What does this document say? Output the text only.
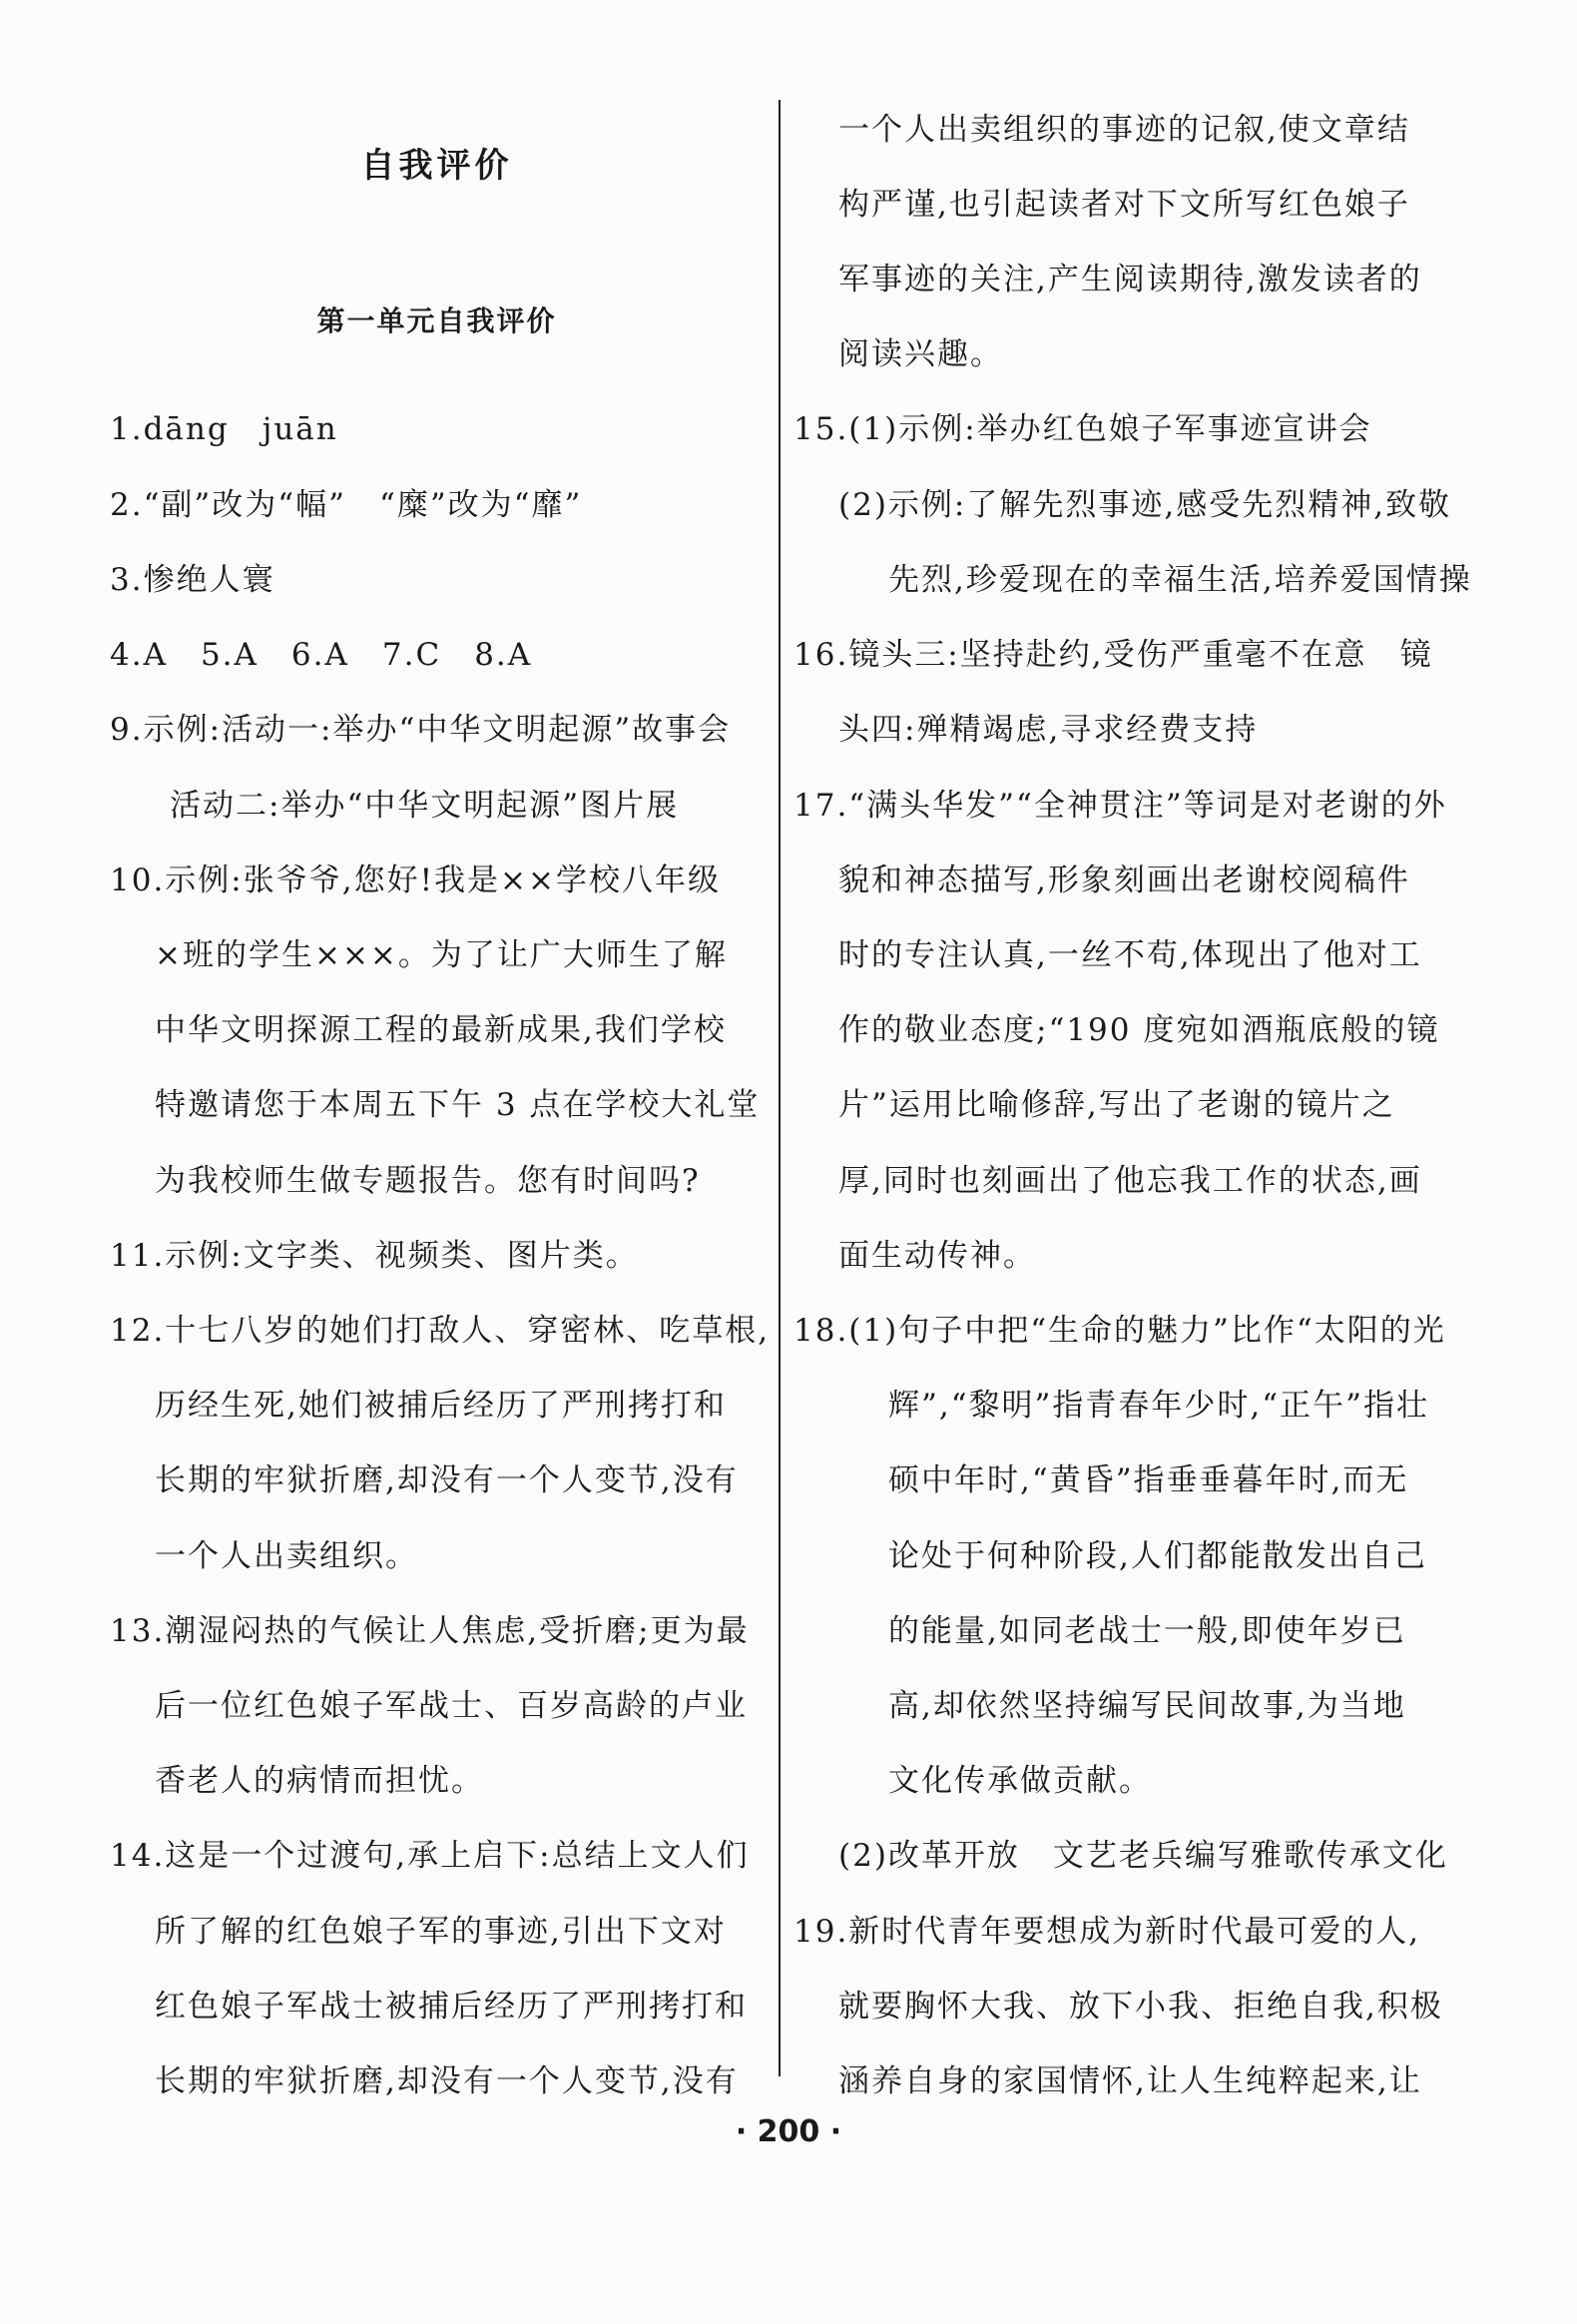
自我评价
第一单元自我评价
1.dāng　juān
2.“副”改为“幅”　“糜”改为“靡”
3.惨绝人寰
4.A　5.A　6.A　7.C　8.A
9.示例:活动一:举办“中华文明起源”故事会
活动二:举办“中华文明起源”图片展
10.示例:张爷爷,您好!我是××学校八年级
×班的学生×××。为了让广大师生了解
中华文明探源工程的最新成果,我们学校
特邀请您于本周五下午 3 点在学校大礼堂
为我校师生做专题报告。您有时间吗?
11.示例:文字类、视频类、图片类。
12.十七八岁的她们打敌人、穿密林、吃草根,
历经生死,她们被捕后经历了严刑拷打和
长期的牢狱折磨,却没有一个人变节,没有
一个人出卖组织。
13.潮湿闷热的气候让人焦虑,受折磨;更为最
后一位红色娘子军战士、百岁高龄的卢业
香老人的病情而担忧。
14.这是一个过渡句,承上启下:总结上文人们
所了解的红色娘子军的事迹,引出下文对
红色娘子军战士被捕后经历了严刑拷打和
长期的牢狱折磨,却没有一个人变节,没有
一个人出卖组织的事迹的记叙,使文章结
构严谨,也引起读者对下文所写红色娘子
军事迹的关注,产生阅读期待,激发读者的
阅读兴趣。
15.(1)示例:举办红色娘子军事迹宣讲会
(2)示例:了解先烈事迹,感受先烈精神,致敬
先烈,珍爱现在的幸福生活,培养爱国情操
16.镜头三:坚持赴约,受伤严重毫不在意　镜
头四:殚精竭虑,寻求经费支持
17.“满头华发”“全神贯注”等词是对老谢的外
貌和神态描写,形象刻画出老谢校阅稿件
时的专注认真,一丝不苟,体现出了他对工
作的敬业态度;“190 度宛如酒瓶底般的镜
片”运用比喻修辞,写出了老谢的镜片之
厚,同时也刻画出了他忘我工作的状态,画
面生动传神。
18.(1)句子中把“生命的魅力”比作“太阳的光
辉”,“黎明”指青春年少时,“正午”指壮
硕中年时,“黄昏”指垂垂暮年时,而无
论处于何种阶段,人们都能散发出自己
的能量,如同老战士一般,即使年岁已
高,却依然坚持编写民间故事,为当地
文化传承做贡献。
(2)改革开放　文艺老兵编写雅歌传承文化
19.新时代青年要想成为新时代最可爱的人,
就要胸怀大我、放下小我、拒绝自我,积极
涵养自身的家国情怀,让人生纯粹起来,让
· 200 ·
